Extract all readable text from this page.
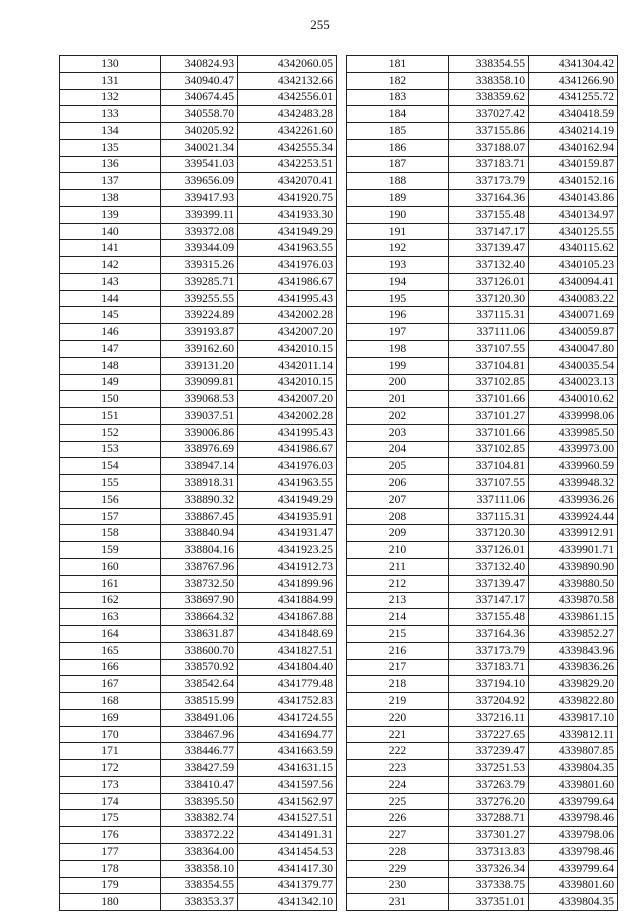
255
130	340824.93	4342060.05
131	340940.47	4342132.66
132	340674.45	4342556.01
133	340558.70	4342483.28
134	340205.92	4342261.60
135	340021.34	4342555.34
136	339541.03	4342253.51
137	339656.09	4342070.41
138	339417.93	4341920.75
139	339399.11	4341933.30
140	339372.08	4341949.29
141	339344.09	4341963.55
142	339315.26	4341976.03
143	339285.71	4341986.67
144	339255.55	4341995.43
145	339224.89	4342002.28
146	339193.87	4342007.20
147	339162.60	4342010.15
148	339131.20	4342011.14
149	339099.81	4342010.15
150	339068.53	4342007.20
151	339037.51	4342002.28
152	339006.86	4341995.43
153	338976.69	4341986.67
154	338947.14	4341976.03
155	338918.31	4341963.55
156	338890.32	4341949.29
157	338867.45	4341935.91
158	338840.94	4341931.47
159	338804.16	4341923.25
160	338767.96	4341912.73
161	338732.50	4341899.96
162	338697.90	4341884.99
163	338664.32	4341867.88
164	338631.87	4341848.69
165	338600.70	4341827.51
166	338570.92	4341804.40
167	338542.64	4341779.48
168	338515.99	4341752.83
169	338491.06	4341724.55
170	338467.96	4341694.77
171	338446.77	4341663.59
172	338427.59	4341631.15
173	338410.47	4341597.56
174	338395.50	4341562.97
175	338382.74	4341527.51
176	338372.22	4341491.31
177	338364.00	4341454.53
178	338358.10	4341417.30
179	338354.55	4341379.77
180	338353.37	4341342.10
181	338354.55	4341304.42
182	338358.10	4341266.90
183	338359.62	4341255.72
184	337027.42	4340418.59
185	337155.86	4340214.19
186	337188.07	4340162.94
187	337183.71	4340159.87
188	337173.79	4340152.16
189	337164.36	4340143.86
190	337155.48	4340134.97
191	337147.17	4340125.55
192	337139.47	4340115.62
193	337132.40	4340105.23
194	337126.01	4340094.41
195	337120.30	4340083.22
196	337115.31	4340071.69
197	337111.06	4340059.87
198	337107.55	4340047.80
199	337104.81	4340035.54
200	337102.85	4340023.13
201	337101.66	4340010.62
202	337101.27	4339998.06
203	337101.66	4339985.50
204	337102.85	4339973.00
205	337104.81	4339960.59
206	337107.55	4339948.32
207	337111.06	4339936.26
208	337115.31	4339924.44
209	337120.30	4339912.91
210	337126.01	4339901.71
211	337132.40	4339890.90
212	337139.47	4339880.50
213	337147.17	4339870.58
214	337155.48	4339861.15
215	337164.36	4339852.27
216	337173.79	4339843.96
217	337183.71	4339836.26
218	337194.10	4339829.20
219	337204.92	4339822.80
220	337216.11	4339817.10
221	337227.65	4339812.11
222	337239.47	4339807.85
223	337251.53	4339804.35
224	337263.79	4339801.60
225	337276.20	4339799.64
226	337288.71	4339798.46
227	337301.27	4339798.06
228	337313.83	4339798.46
229	337326.34	4339799.64
230	337338.75	4339801.60
231	337351.01	4339804.35
